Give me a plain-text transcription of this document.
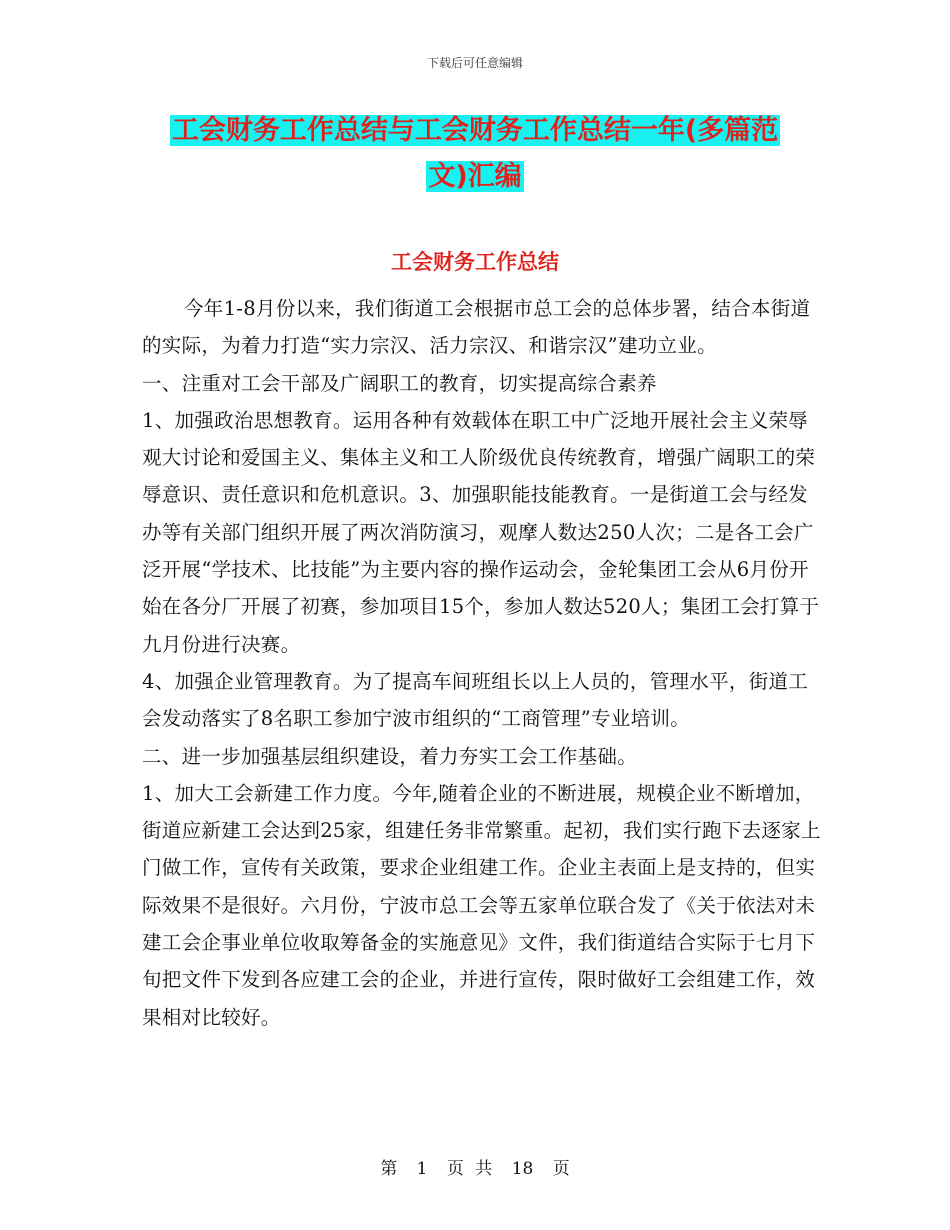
下载后可任意编辑
工会财务工作总结与工会财务工作总结一年(多篇范
文)汇编
工会财务工作总结

今年1-8月份以来，我们街道工会根据市总工会的总体步署，结合本街道的实际，为着力打造“实力宗汉、活力宗汉、和谐宗汉”建功立业。

一、注重对工会干部及广阔职工的教育，切实提高综合素养

1、加强政治思想教育。运用各种有效载体在职工中广泛地开展社会主义荣辱观大讨论和爱国主义、集体主义和工人阶级优良传统教育，增强广阔职工的荣辱意识、责任意识和危机意识。3、加强职能技能教育。一是街道工会与经发办等有关部门组织开展了两次消防演习，观摩人数达250人次；二是各工会广泛开展“学技术、比技能”为主要内容的操作运动会，金轮集团工会从6月份开始在各分厂开展了初赛，参加项目15个，参加人数达520人；集团工会打算于九月份进行决赛。

4、加强企业管理教育。为了提高车间班组长以上人员的，管理水平，街道工会发动落实了8名职工参加宁波市组织的“工商管理”专业培训。

二、进一步加强基层组织建设，着力夯实工会工作基础。

1、加大工会新建工作力度。今年,随着企业的不断进展，规模企业不断增加，街道应新建工会达到25家，组建任务非常繁重。起初，我们实行跑下去逐家上门做工作，宣传有关政策，要求企业组建工作。企业主表面上是支持的，但实际效果不是很好。六月份，宁波市总工会等五家单位联合发了《关于依法对未建工会企事业单位收取筹备金的实施意见》文件，我们街道结合实际于七月下旬把文件下发到各应建工会的企业，并进行宣传，限时做好工会组建工作，效果相对比较好。

第 1 页 共 18 页
